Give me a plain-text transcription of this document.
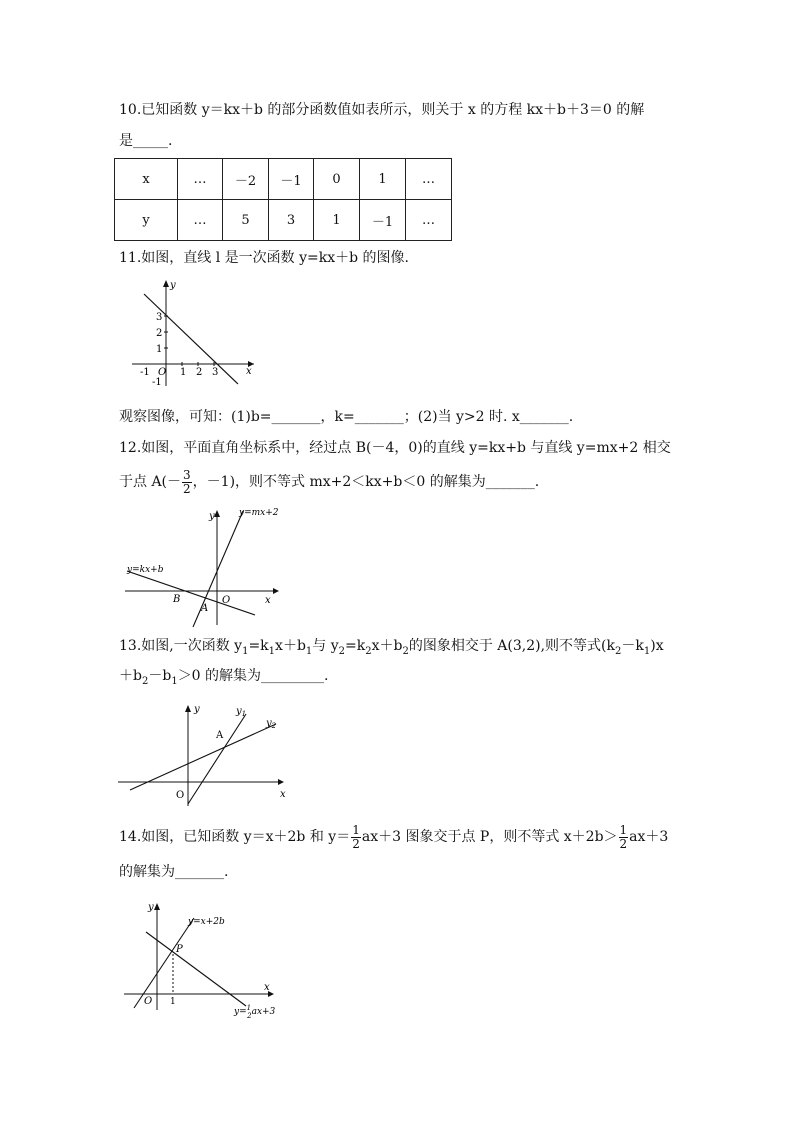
10.已知函数 y＝kx＋b 的部分函数值如表所示，则关于 x 的方程 kx＋b＋3＝0 的解
是_____.
x	…	－2	－1	0	1	…
y	…	5	3	1	－1	…
11.如图，直线 l 是一次函数 y=kx＋b 的图像.
y
x
3
2
1
-1
-1	1 2 3
O
观察图像，可知：(1)b=_______，k=_______；(2)当 y>2 时. x_______.
12.如图，平面直角坐标系中，经过点 B(－4，0)的直线 y=kx+b 与直线 y=mx+2 相交
于点 $A(- \frac{3}{2}$ ，－1)，则不等式 mx+2＜kx+b＜0 的解集为_______.
y
x
y=mx+2
y=kx+b
B
A
O
13.如图,一次函数 $y_1=k_1x+b_1$与 $y_2=k_2x+b_2$的图象相交于 A(3,2),则不等式$(k_2-k_1)x$
$+b_2-b_1>0$ 的解集为_________.
y
x
$y_1$
$y_2$
A
O
14.如图，已知函数 y＝x＋2b 和 $y= \frac{1}{2} ax+3$ 图象交于点 P，则不等式 $x+2b> \frac{1}{2} ax+3$
的解集为_______.
y
x
y=x+2b
P
O 1
y=$^1$ 2ax+3
